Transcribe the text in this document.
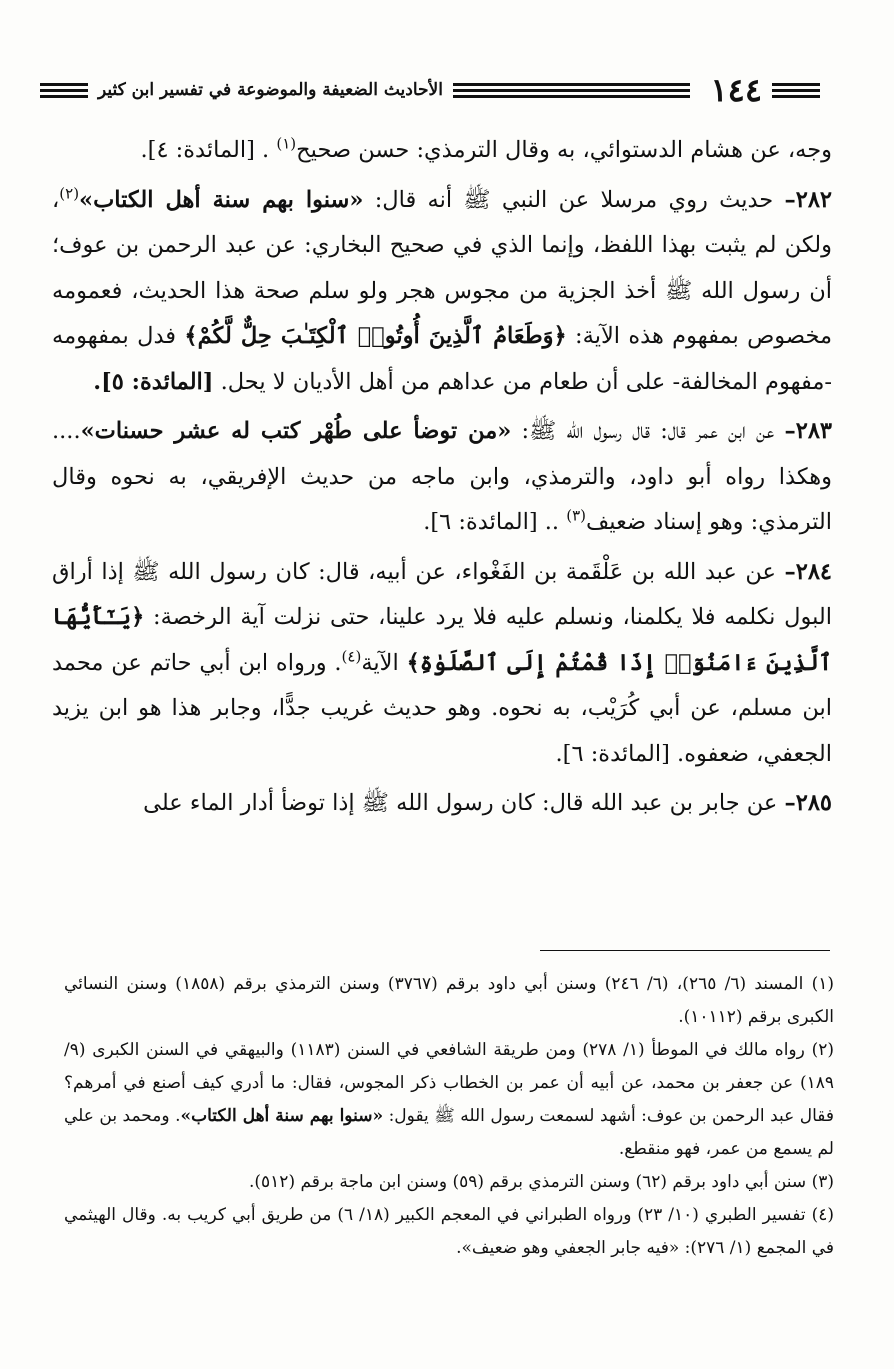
١٤٤
الأحاديث الضعيفة والموضوعة في تفسير ابن كثير

وجه، عن هشام الدستوائي، به وقال الترمذي: حسن صحيح$^{(١)}$ . [المائدة: ٤].

٢٨٢– حديث روي مرسلا عن النبي ﷺ أنه قال: «سنوا بهم سنة أهل الكتاب»$^{(٢)}$، ولكن لم يثبت بهذا اللفظ، وإنما الذي في صحيح البخاري: عن عبد الرحمن بن عوف؛ أن رسول الله ﷺ أخذ الجزية من مجوس هجر ولو سلم صحة هذا الحديث، فعمومه مخصوص بمفهوم هذه الآية: ﴿وَطَعَامُ ٱلَّذِينَ أُوتُوا۟ ٱلْكِتَـٰبَ حِلٌّ لَّكُمْ﴾ فدل بمفهومه -مفهوم المخالفة- على أن طعام من عداهم من أهل الأديان لا يحل. [المائدة: ٥].

٢٨٣– عن ابن عمر قال: قال رسول الله ﷺ: «من توضأ على طُهْر كتب له عشر حسنات».... وهكذا رواه أبو داود، والترمذي، وابن ماجه من حديث الإفريقي، به نحوه وقال الترمذي: وهو إسناد ضعيف$^{(٣)}$ .. [المائدة: ٦].

٢٨٤– عن عبد الله بن عَلْقَمة بن الفَغْواء، عن أبيه، قال: كان رسول الله ﷺ إذا أراق البول نكلمه فلا يكلمنا، ونسلم عليه فلا يرد علينا، حتى نزلت آية الرخصة: ﴿يَـٰٓأَيُّهَا ٱلَّذِينَ ءَامَنُوٓا۟ إِذَا قُمْتُمْ إِلَى ٱلصَّلَوٰةِ﴾ الآية$^{(٤)}$. ورواه ابن أبي حاتم عن محمد ابن مسلم، عن أبي كُرَيْب، به نحوه. وهو حديث غريب جدًّا، وجابر هذا هو ابن يزيد الجعفي، ضعفوه. [المائدة: ٦].

٢٨٥– عن جابر بن عبد الله قال: كان رسول الله ﷺ إذا توضأ أدار الماء على

(١) المسند (٦/ ٢٦٥)، (٦/ ٢٤٦) وسنن أبي داود برقم (٣٧٦٧) وسنن الترمذي برقم (١٨٥٨) وسنن النسائي الكبرى برقم (١٠١١٢).

(٢) رواه مالك في الموطأ (١/ ٢٧٨) ومن طريقة الشافعي في السنن (١١٨٣) والبيهقي في السنن الكبرى (٩/ ١٨٩) عن جعفر بن محمد، عن أبيه أن عمر بن الخطاب ذكر المجوس، فقال: ما أدري كيف أصنع في أمرهم؟ فقال عبد الرحمن بن عوف: أشهد لسمعت رسول الله ﷺ يقول: «سنوا بهم سنة أهل الكتاب». ومحمد بن علي لم يسمع من عمر، فهو منقطع.

(٣) سنن أبي داود برقم (٦٢) وسنن الترمذي برقم (٥٩) وسنن ابن ماجة برقم (٥١٢).

(٤) تفسير الطبري (١٠/ ٢٣) ورواه الطبراني في المعجم الكبير (١٨/ ٦) من طريق أبي كريب به. وقال الهيثمي في المجمع (١/ ٢٧٦): «فيه جابر الجعفي وهو ضعيف».
